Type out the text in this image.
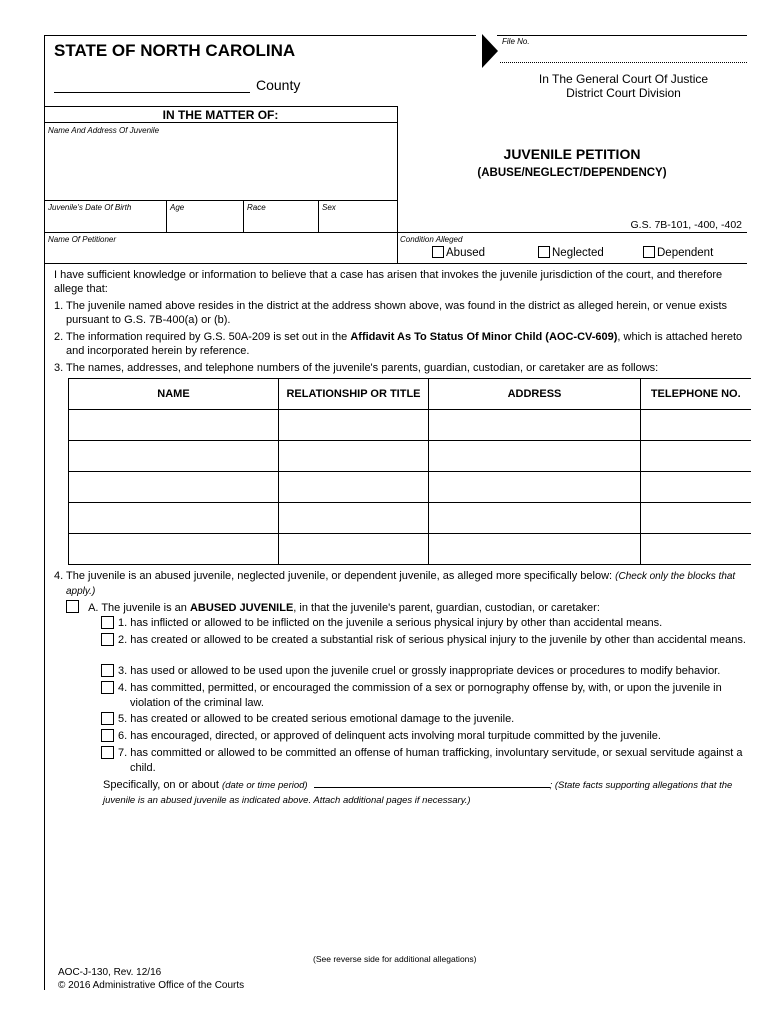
STATE OF NORTH CAROLINA
County
File No.
In The General Court Of Justice
District Court Division
IN THE MATTER OF:
Name And Address Of Juvenile
Juvenile's Date Of Birth	Age	Race	Sex
Name Of Petitioner
JUVENILE PETITION
(ABUSE/NEGLECT/DEPENDENCY)
G.S. 7B-101, -400, -402
Condition Alleged
Abused	Neglected	Dependent
I have sufficient knowledge or information to believe that a case has arisen that invokes the juvenile jurisdiction of the court, and therefore allege that:
1. The juvenile named above resides in the district at the address shown above, was found in the district as alleged herein, or venue exists pursuant to G.S. 7B-400(a) or (b).
2. The information required by G.S. 50A-209 is set out in the Affidavit As To Status Of Minor Child (AOC-CV-609), which is attached hereto and incorporated herein by reference.
3. The names, addresses, and telephone numbers of the juvenile's parents, guardian, custodian, or caretaker are as follows:
NAME	RELATIONSHIP OR TITLE	ADDRESS	TELEPHONE NO.

4. The juvenile is an abused juvenile, neglected juvenile, or dependent juvenile, as alleged more specifically below: (Check only the blocks that apply.)
A. The juvenile is an ABUSED JUVENILE, in that the juvenile's parent, guardian, custodian, or caretaker:
1. has inflicted or allowed to be inflicted on the juvenile a serious physical injury by other than accidental means.
2. has created or allowed to be created a substantial risk of serious physical injury to the juvenile by other than accidental means.
3. has used or allowed to be used upon the juvenile cruel or grossly inappropriate devices or procedures to modify behavior.
4. has committed, permitted, or encouraged the commission of a sex or pornography offense by, with, or upon the juvenile in violation of the criminal law.
5. has created or allowed to be created serious emotional damage to the juvenile.
6. has encouraged, directed, or approved of delinquent acts involving moral turpitude committed by the juvenile.
7. has committed or allowed to be committed an offense of human trafficking, involuntary servitude, or sexual servitude against a child.
Specifically, on or about (date or time period)	; (State facts supporting allegations that the juvenile is an abused juvenile as indicated above. Attach additional pages if necessary.)
(See reverse side for additional allegations)
AOC-J-130, Rev. 12/16
© 2016 Administrative Office of the Courts
